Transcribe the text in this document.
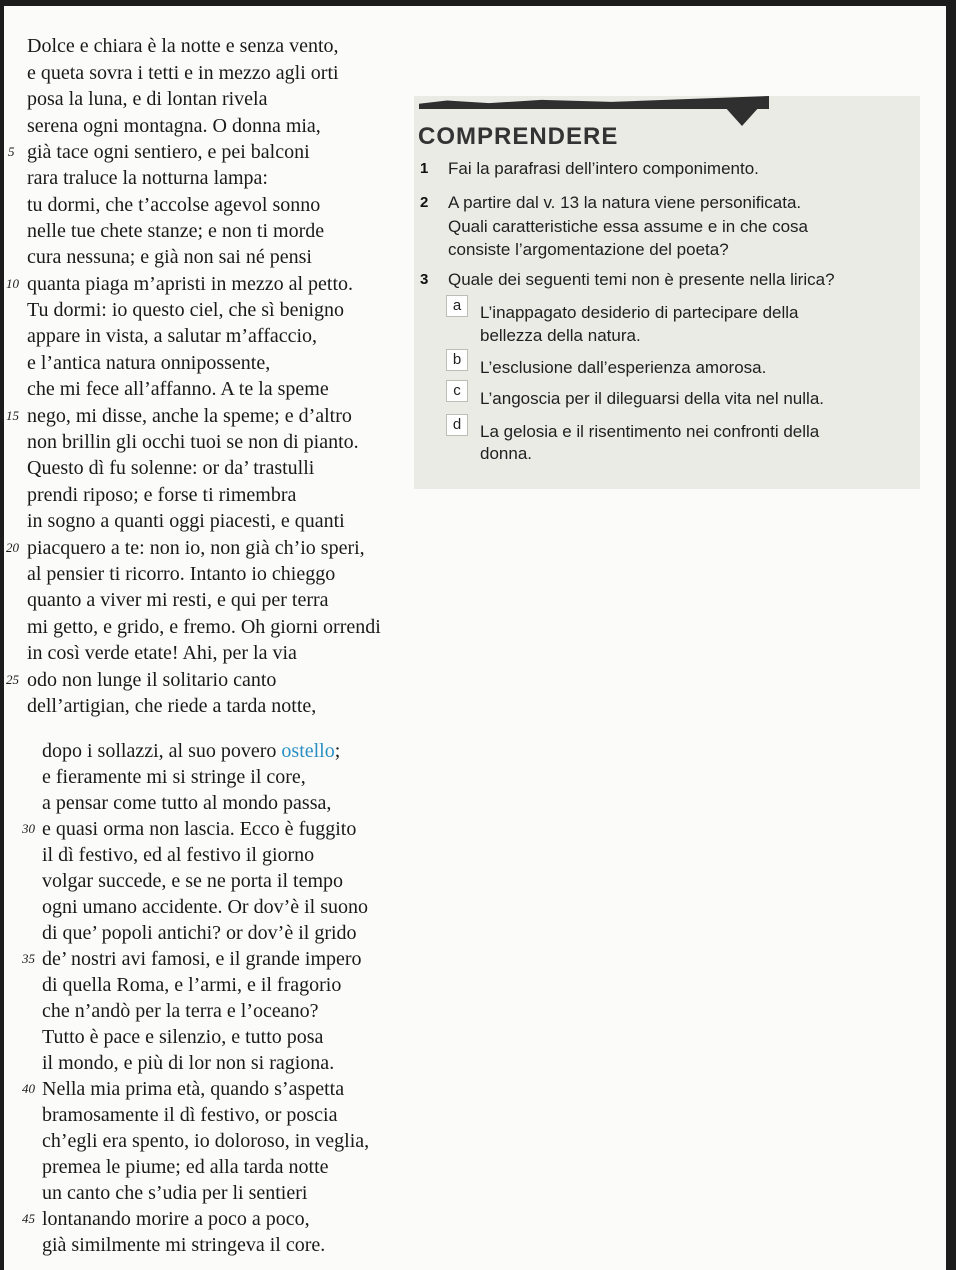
COMPRENDERE
1 Fai la parafrasi dell’intero componimento.
2 A partire dal v. 13 la natura viene personificata.
Quali caratteristiche essa assume e in che cosa
consiste l’argomentazione del poeta?
3 Quale dei seguenti temi non è presente nella lirica?
a	L’inappagato desiderio di partecipare della
bellezza della natura.
b	L’esclusione dall’esperienza amorosa.
c	L’angoscia per il dileguarsi della vita nel nulla.
d	La gelosia e il risentimento nei confronti della
donna.
Dolce e chiara è la notte e senza vento,
e queta sovra i tetti e in mezzo agli orti
posa la luna, e di lontan rivela
serena ogni montagna. O donna mia,
5 già tace ogni sentiero, e pei balconi
rara traluce la notturna lampa:
tu dormi, che t’accolse agevol sonno
nelle tue chete stanze; e non ti morde
cura nessuna; e già non sai né pensi
10 quanta piaga m’apristi in mezzo al petto.
Tu dormi: io questo ciel, che sì benigno
appare in vista, a salutar m’affaccio,
e l’antica natura onnipossente,
che mi fece all’affanno. A te la speme
15 nego, mi disse, anche la speme; e d’altro
non brillin gli occhi tuoi se non di pianto.
Questo dì fu solenne: or da’ trastulli
prendi riposo; e forse ti rimembra
in sogno a quanti oggi piacesti, e quanti
20 piacquero a te: non io, non già ch’io speri,
al pensier ti ricorro. Intanto io chieggo
quanto a viver mi resti, e qui per terra
mi getto, e grido, e fremo. Oh giorni orrendi
in così verde etate! Ahi, per la via
25 odo non lunge il solitario canto
dell’artigian, che riede a tarda notte,
dopo i sollazzi, al suo povero ostello;
e fieramente mi si stringe il core,
a pensar come tutto al mondo passa,
30 e quasi orma non lascia. Ecco è fuggito
il dì festivo, ed al festivo il giorno
volgar succede, e se ne porta il tempo
ogni umano accidente. Or dov’è il suono
di que’ popoli antichi? or dov’è il grido
35 de’ nostri avi famosi, e il grande impero
di quella Roma, e l’armi, e il fragorio
che n’andò per la terra e l’oceano?
Tutto è pace e silenzio, e tutto posa
il mondo, e più di lor non si ragiona.
40 Nella mia prima età, quando s’aspetta
bramosamente il dì festivo, or poscia
ch’egli era spento, io doloroso, in veglia,
premea le piume; ed alla tarda notte
un canto che s’udia per li sentieri
45 lontanando morire a poco a poco,
già similmente mi stringeva il core.
